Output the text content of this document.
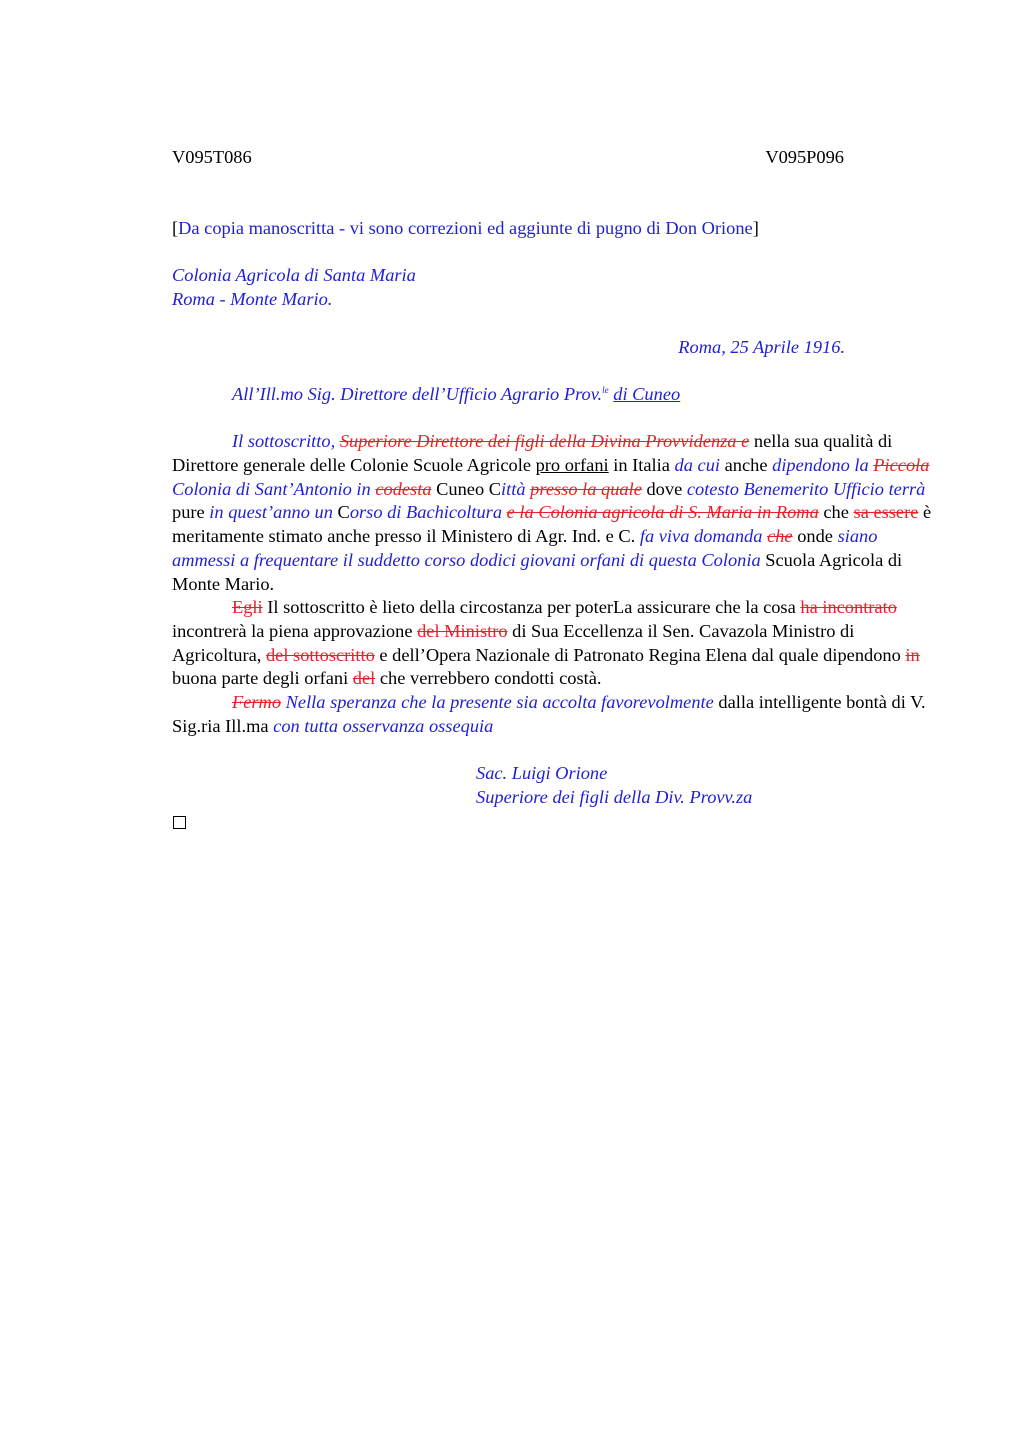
V095T086	V095P096

[Da copia manoscritta - vi sono correzioni ed aggiunte di pugno di Don Orione]

Colonia Agricola di Santa Maria

Roma - Monte Mario.

Roma, 25 Aprile 1916.

All’Ill.mo Sig. Direttore dell’Ufficio Agrario Prov.$^{le}$ di Cuneo

Il sottoscritto, Superiore Direttore dei figli della Divina Provvidenza e nella sua qualità di Direttore generale delle Colonie Scuole Agricole pro orfani in Italia da cui anche dipendono la Piccola Colonia di Sant’Antonio in codesta Cuneo Città presso la quale dove cotesto Benemerito Ufficio terrà pure in quest’anno un Corso di Bachicoltura e la Colonia agricola di S. Maria in Roma che sa essere è meritamente stimato anche presso il Ministero di Agr. Ind. e C. fa viva domanda che onde siano ammessi a frequentare il suddetto corso dodici giovani orfani di questa Colonia Scuola Agricola di Monte Mario.

Egli Il sottoscritto è lieto della circostanza per poterLa assicurare che la cosa ha incontrato incontrerà la piena approvazione del Ministro di Sua Eccellenza il Sen. Cavazola Ministro di Agricoltura, del sottoscritto e dell’Opera Nazionale di Patronato Regina Elena dal quale dipendono in buona parte degli orfani del che verrebbero condotti costà.

Fermo Nella speranza che la presente sia accolta favorevolmente dalla intelligente bontà di V. Sig.ria Ill.ma con tutta osservanza ossequia

Sac. Luigi Orione

Superiore dei figli della Div. Provv.za
